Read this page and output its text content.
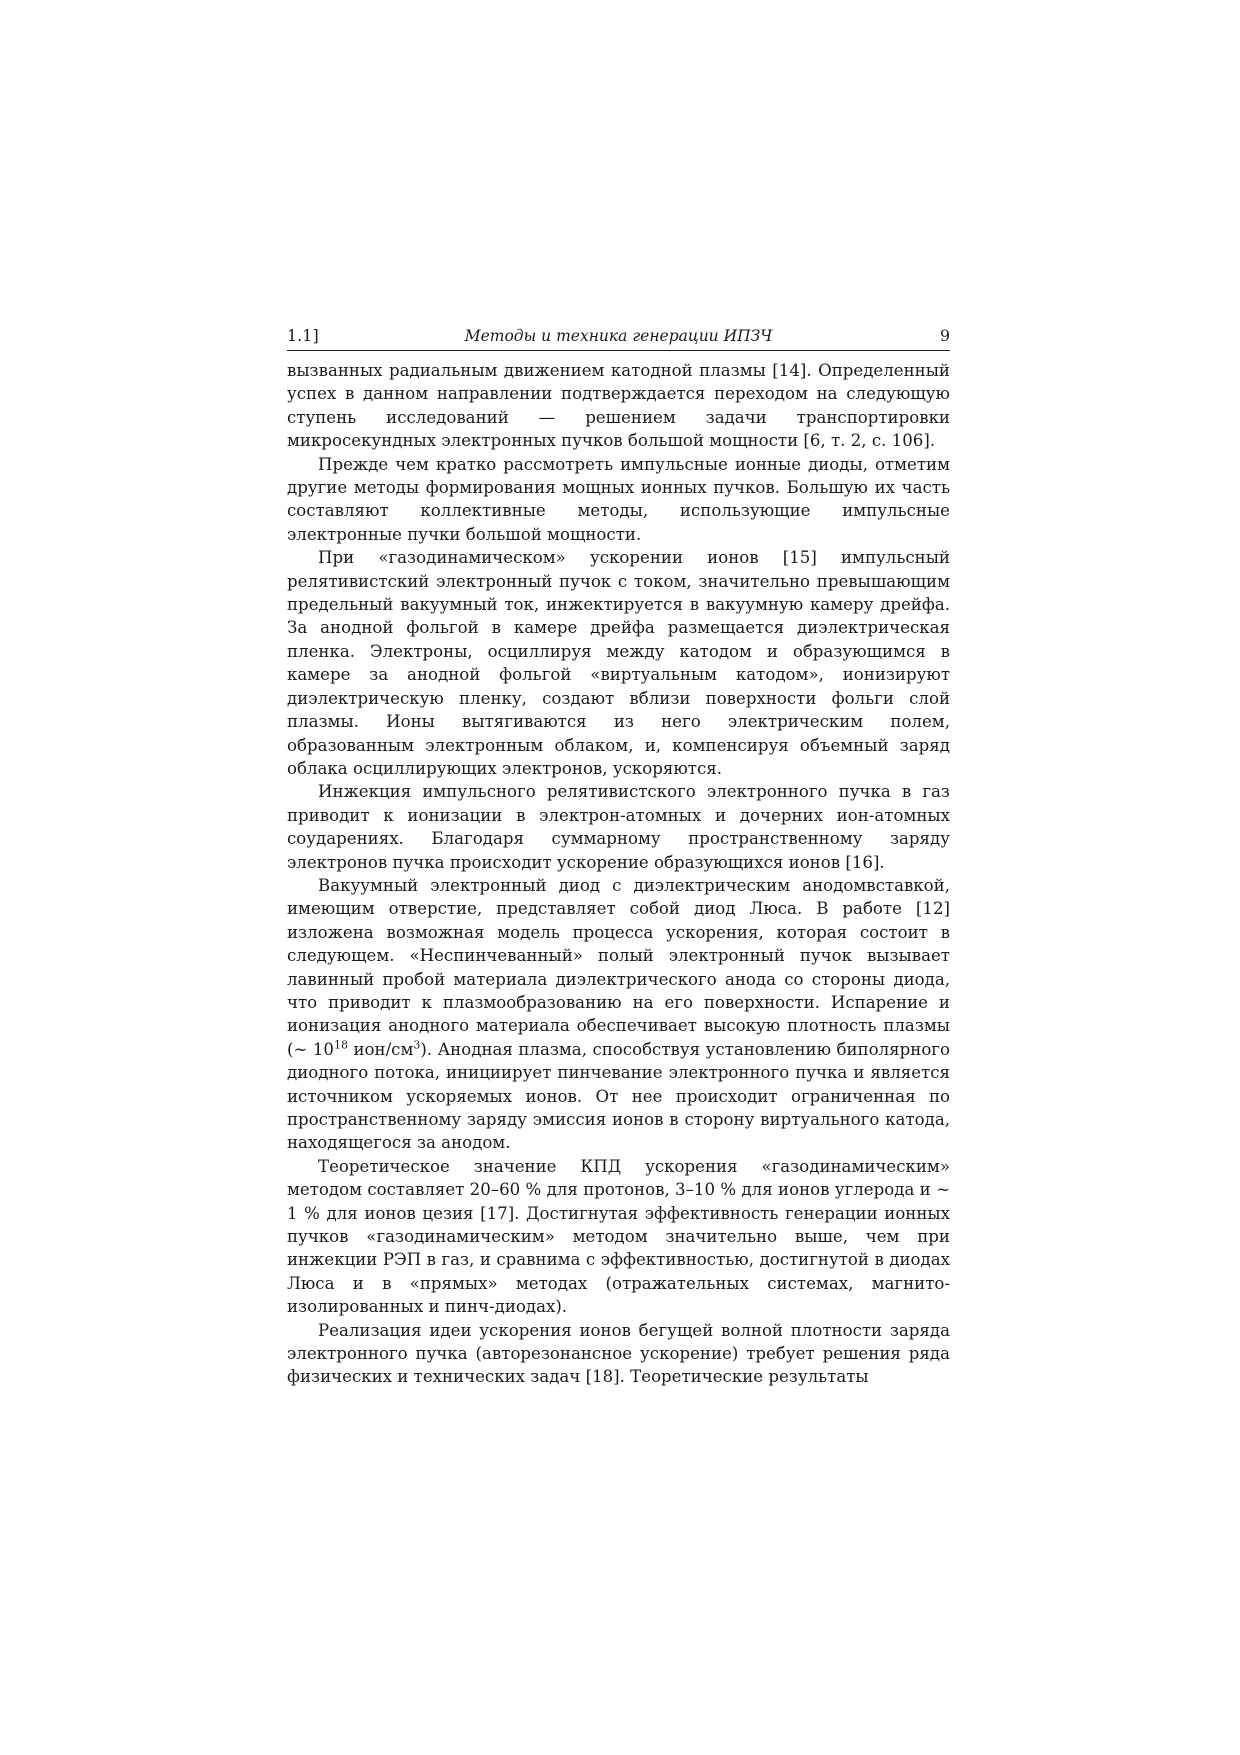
1.1]	Методы и техника генерации ИПЗЧ	9

вызванных радиальным движением катодной плазмы [14]. Определенный успех в данном направлении подтверждается переходом на следующую ступень исследований — решением задачи транспортировки микросекундных электронных пучков большой мощности [6, т. 2, с. 106].

Прежде чем кратко рассмотреть импульсные ионные диоды, отметим другие методы формирования мощных ионных пучков. Большую их часть составляют коллективные методы, использующие импульсные электронные пучки большой мощности.

При «газодинамическом» ускорении ионов [15] импульсный релятивистский электронный пучок с током, значительно превышающим предельный вакуумный ток, инжектируется в вакуумную камеру дрейфа. За анодной фольгой в камере дрейфа размещается диэлектрическая пленка. Электроны, осциллируя между катодом и образующимся в камере за анодной фольгой «виртуальным катодом», ионизируют диэлектрическую пленку, создают вблизи поверхности фольги слой плазмы. Ионы вытягиваются из него электрическим полем, образованным электронным облаком, и, компенсируя объемный заряд облака осциллирующих электронов, ускоряются.

Инжекция импульсного релятивистского электронного пучка в газ приводит к ионизации в электрон-атомных и дочерних ион-атомных соударениях. Благодаря суммарному пространственному заряду электронов пучка происходит ускорение образующихся ионов [16].

Вакуумный электронный диод с диэлектрическим анодомвставкой, имеющим отверстие, представляет собой диод Люса. В работе [12] изложена возможная модель процесса ускорения, которая состоит в следующем. «Неспинчеванный» полый электронный пучок вызывает лавинный пробой материала диэлектрического анода со стороны диода, что приводит к плазмообразованию на его поверхности. Испарение и ионизация анодного материала обеспечивает высокую плотность плазмы (∼ $10^{18}$ ион/$см^3$). Анодная плазма, способствуя установлению биполярного диодного потока, инициирует пинчевание электронного пучка и является источником ускоряемых ионов. От нее происходит ограниченная по пространственному заряду эмиссия ионов в сторону виртуального катода, находящегося за анодом.

Теоретическое значение КПД ускорения «газодинамическим» методом составляет 20–60 % для протонов, 3–10 % для ионов углерода и ∼ 1 % для ионов цезия [17]. Достигнутая эффективность генерации ионных пучков «газодинамическим» методом значительно выше, чем при инжекции РЭП в газ, и сравнима с эффективностью, достигнутой в диодах Люса и в «прямых» методах (отражательных системах, магнито-изолированных и пинч-диодах).

Реализация идеи ускорения ионов бегущей волной плотности заряда электронного пучка (авторезонансное ускорение) требует решения ряда физических и технических задач [18]. Теоретические результаты
